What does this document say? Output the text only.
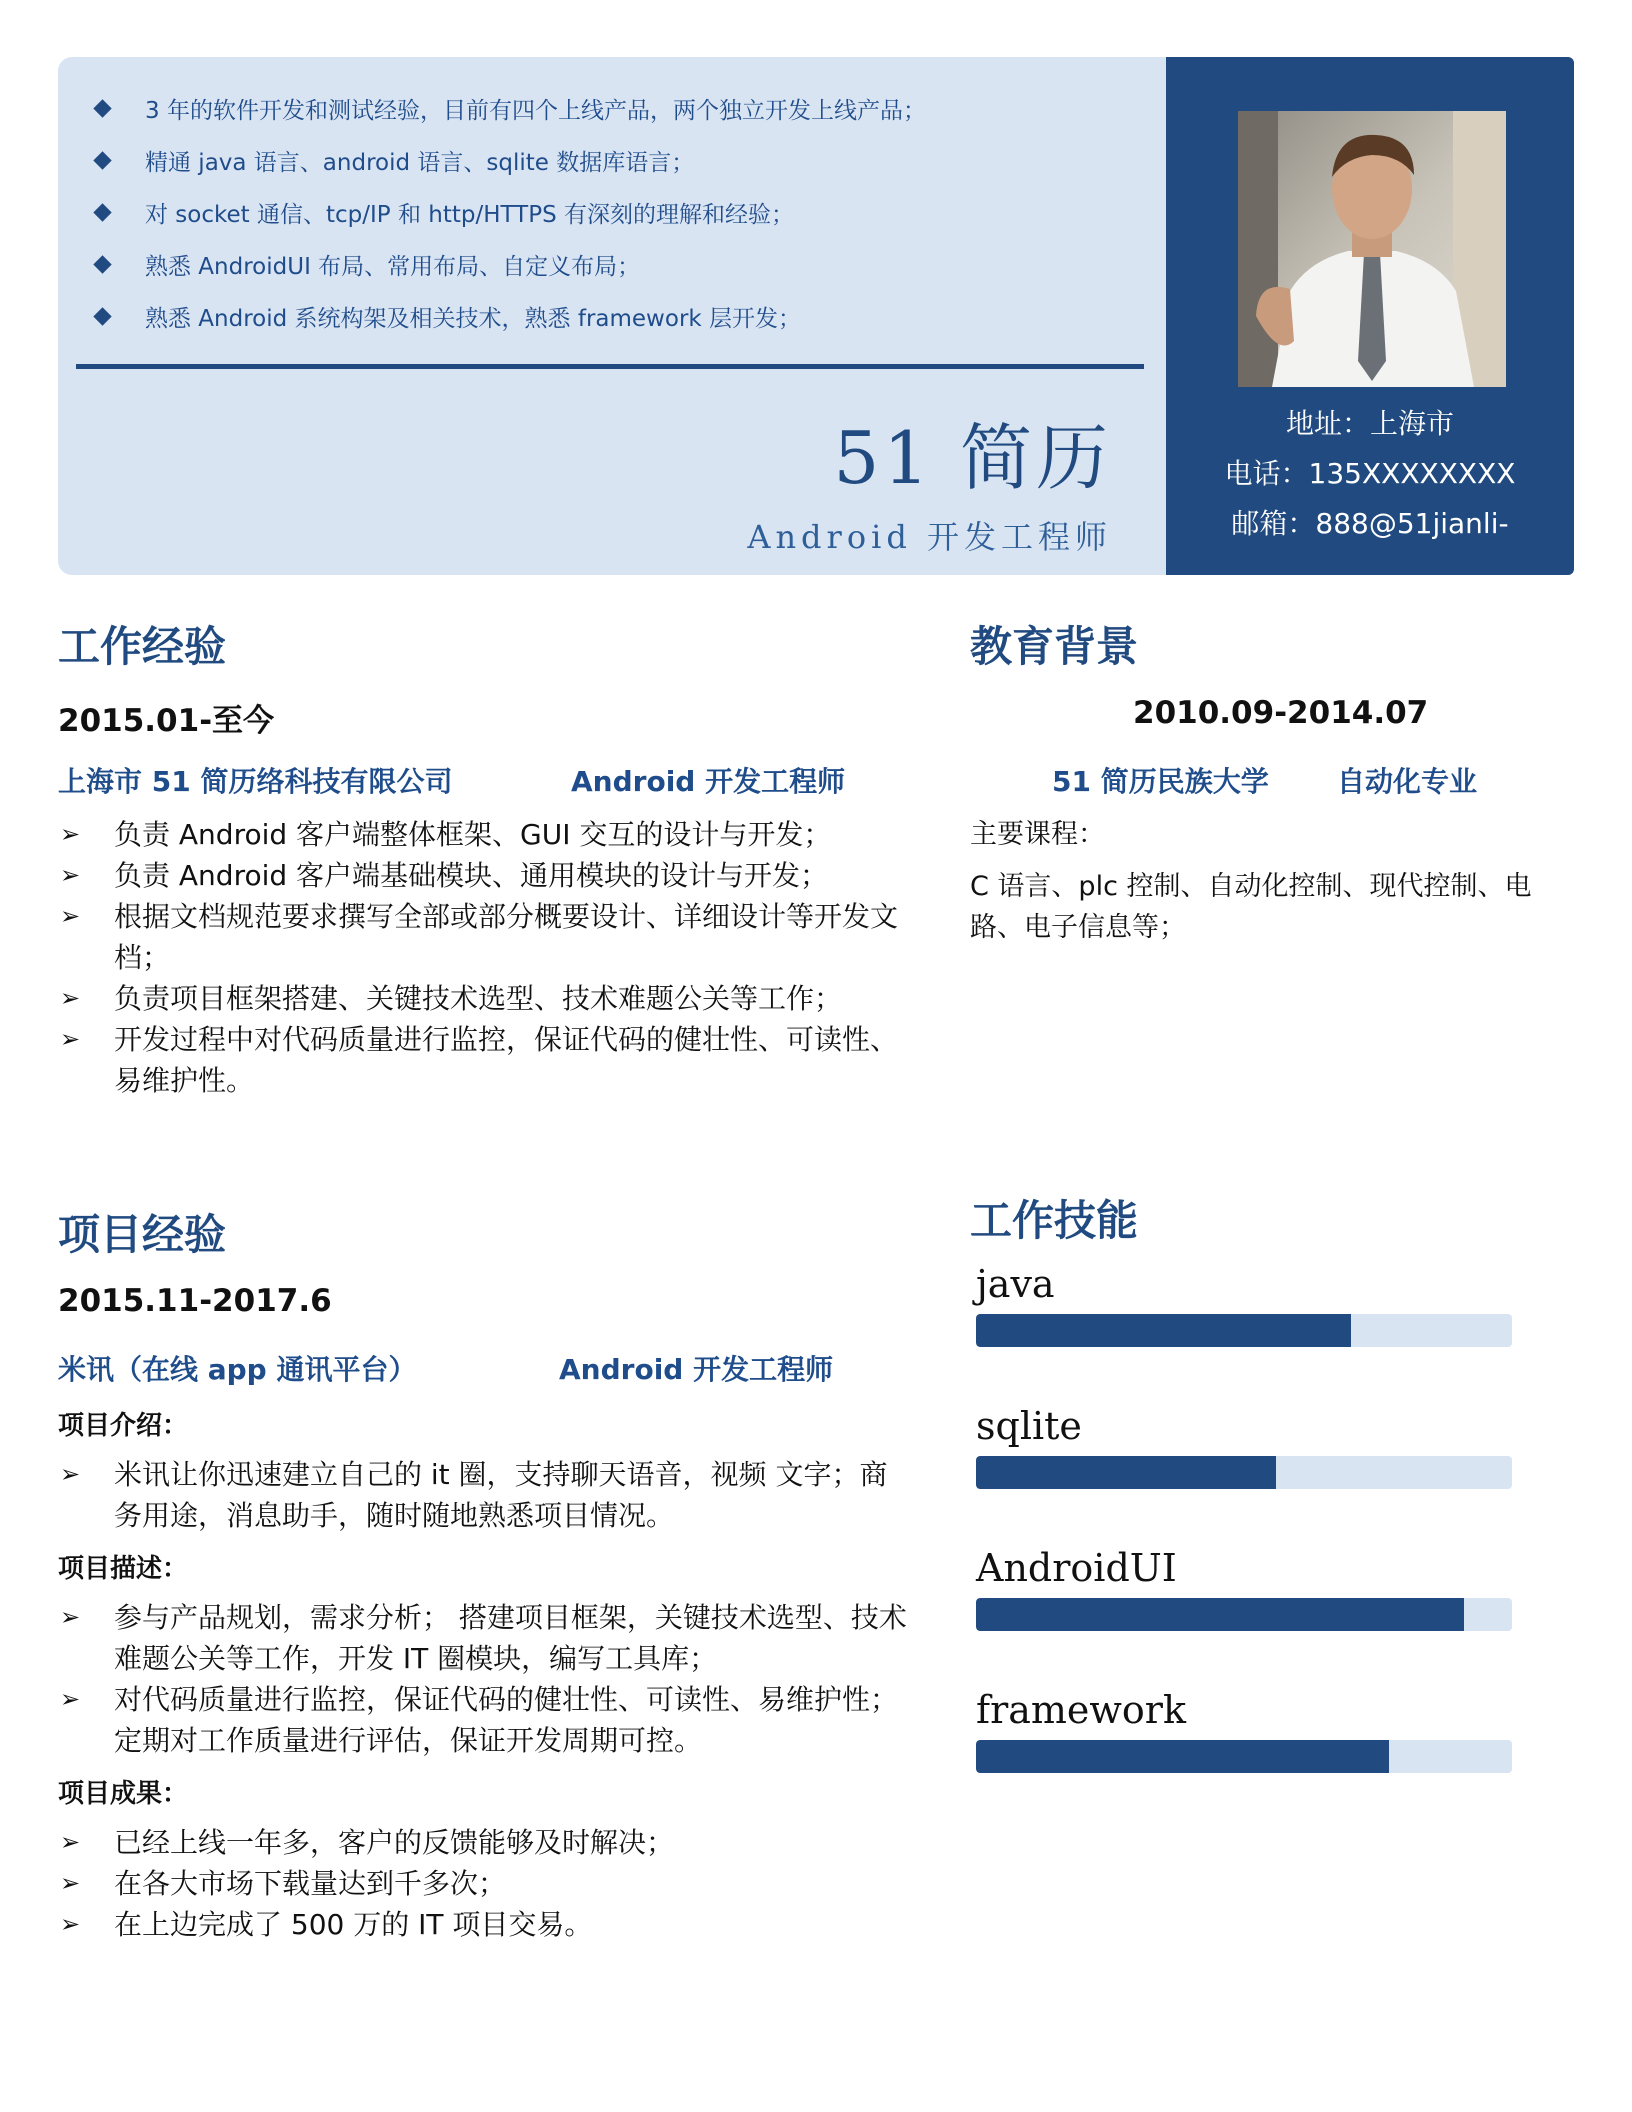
3 年的软件开发和测试经验，目前有四个上线产品，两个独立开发上线产品；
精通 java 语言、android 语言、sqlite 数据库语言；
对 socket 通信、tcp/IP 和 http/HTTPS 有深刻的理解和经验；
熟悉 AndroidUI 布局、常用布局、自定义布局；
熟悉 Android 系统构架及相关技术，熟悉 framework 层开发；
51 简历
Android 开发工程师
地址：上海市
电话：135XXXXXXXX
邮箱：888@51jianli-
工作经验
2015.01-至今
上海市 51 简历络科技有限公司	Android 开发工程师
➢ 负责 Android 客户端整体框架、GUI 交互的设计与开发；
➢ 负责 Android 客户端基础模块、通用模块的设计与开发；
➢ 根据文档规范要求撰写全部或部分概要设计、详细设计等开发文档；
➢ 负责项目框架搭建、关键技术选型、技术难题公关等工作；
➢ 开发过程中对代码质量进行监控，保证代码的健壮性、可读性、易维护性。
教育背景
2010.09-2014.07
51 简历民族大学 自动化专业
主要课程：
C 语言、plc 控制、自动化控制、现代控制、电路、电子信息等；
项目经验
2015.11-2017.6
米讯（在线 app 通讯平台）	Android 开发工程师
项目介绍：
➢ 米讯让你迅速建立自己的 it 圈，支持聊天语音，视频 文字；商务用途，消息助手，随时随地熟悉项目情况。
项目描述：
➢ 参与产品规划，需求分析； 搭建项目框架，关键技术选型、技术难题公关等工作，开发 IT 圈模块，编写工具库；
➢ 对代码质量进行监控，保证代码的健壮性、可读性、易维护性； 定期对工作质量进行评估，保证开发周期可控。
项目成果：
➢ 已经上线一年多，客户的反馈能够及时解决；
➢ 在各大市场下载量达到千多次；
➢ 在上边完成了 500 万的 IT 项目交易。
工作技能
java
sqlite
AndroidUI
framework
